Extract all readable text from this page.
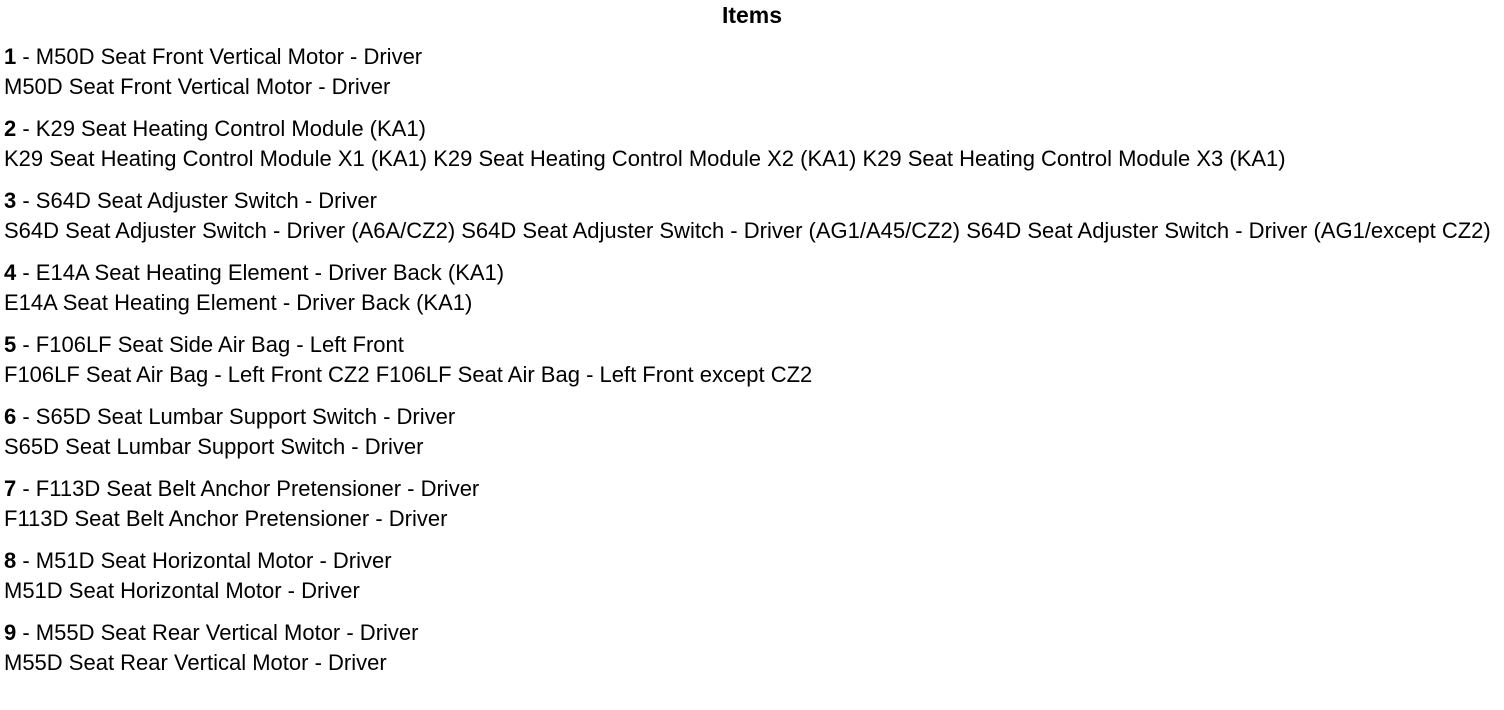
Items
1 - M50D Seat Front Vertical Motor - Driver
M50D Seat Front Vertical Motor - Driver
2 - K29 Seat Heating Control Module (KA1)
K29 Seat Heating Control Module X1 (KA1) K29 Seat Heating Control Module X2 (KA1) K29 Seat Heating Control Module X3 (KA1)
3 - S64D Seat Adjuster Switch - Driver
S64D Seat Adjuster Switch - Driver (A6A/CZ2) S64D Seat Adjuster Switch - Driver (AG1/A45/CZ2) S64D Seat Adjuster Switch - Driver (AG1/except CZ2)
4 - E14A Seat Heating Element - Driver Back (KA1)
E14A Seat Heating Element - Driver Back (KA1)
5 - F106LF Seat Side Air Bag - Left Front
F106LF Seat Air Bag - Left Front CZ2 F106LF Seat Air Bag - Left Front except CZ2
6 - S65D Seat Lumbar Support Switch - Driver
S65D Seat Lumbar Support Switch - Driver
7 - F113D Seat Belt Anchor Pretensioner - Driver
F113D Seat Belt Anchor Pretensioner - Driver
8 - M51D Seat Horizontal Motor - Driver
M51D Seat Horizontal Motor - Driver
9 - M55D Seat Rear Vertical Motor - Driver
M55D Seat Rear Vertical Motor - Driver
